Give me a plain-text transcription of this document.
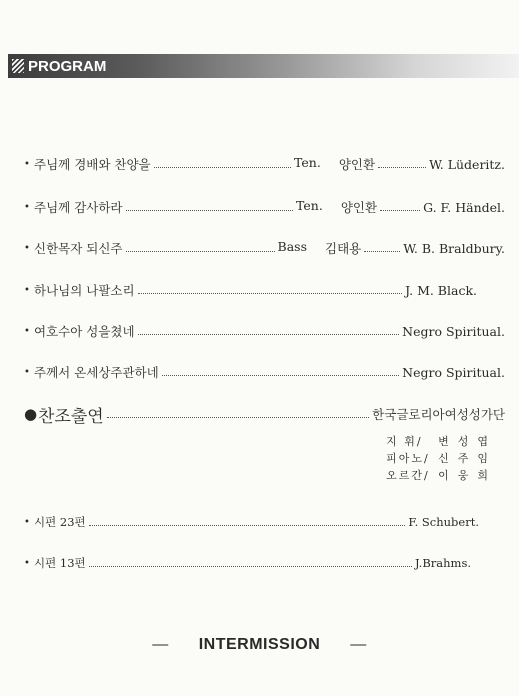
PROGRAM
• 주님께 경배와 찬양을	Ten. 양인환	W. Lüderitz.
• 주님께 감사하라	Ten. 양인환	G. F. Händel.
• 신한목자 되신주	Bass 김태용	W. B. Braldbury.
• 하나님의 나팔소리	J. M. Black.
• 여호수아 성을쳤네	Negro Spiritual.
• 주께서 온세상주관하네	Negro Spiritual.
● 찬조출연	한국글로리아여성성가단
지 휘/	변성엽
피아노/ 신주임
오르간/ 이웅희
• 시편 23편	F. Schubert.
• 시편 13편	J.Brahms.
— INTERMISSION —
